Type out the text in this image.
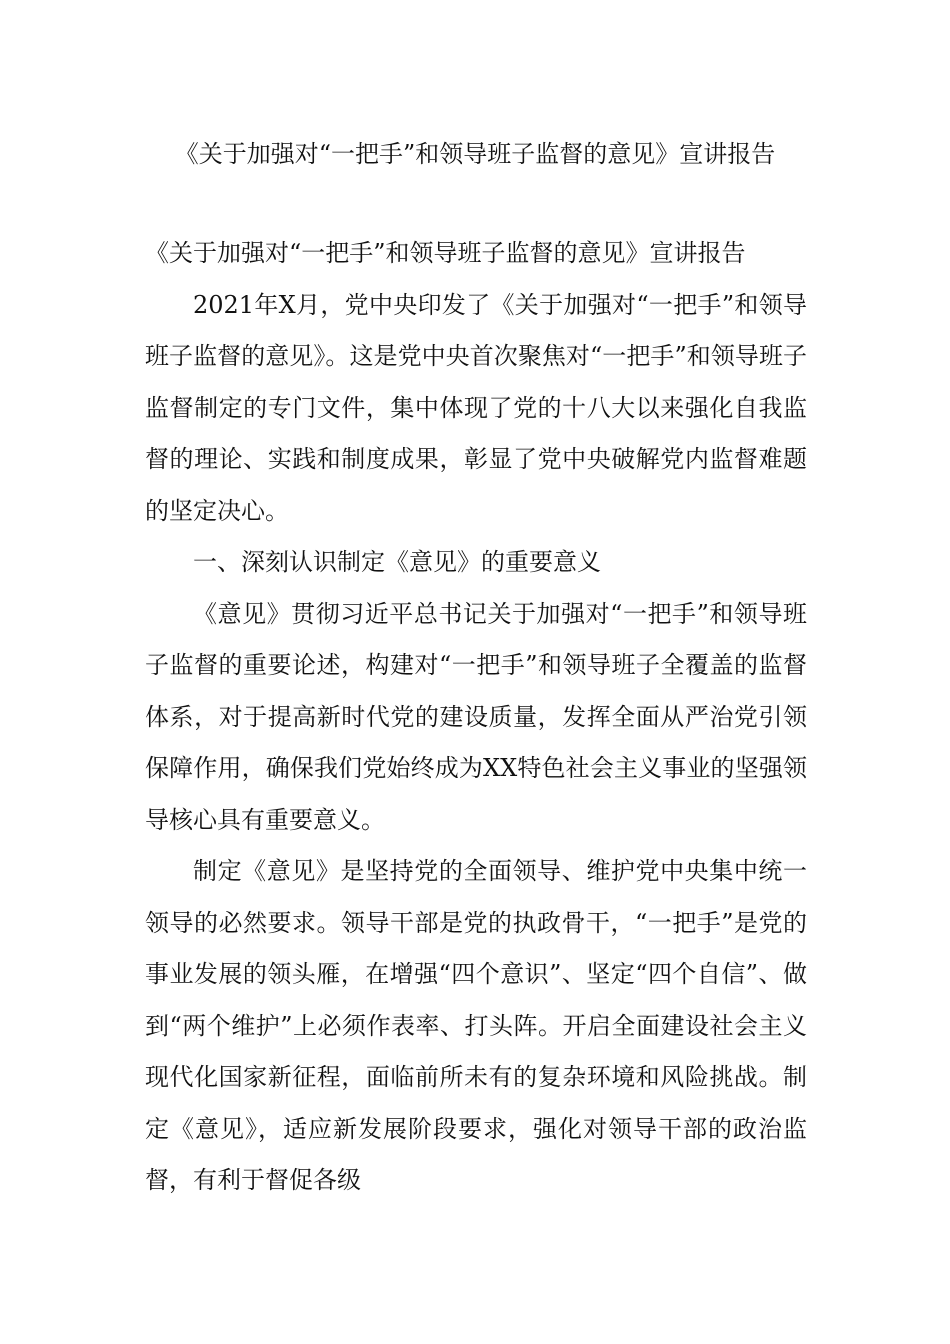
《关于加强对“一把手”和领导班子监督的意见》宣讲报告

《关于加强对“一把手”和领导班子监督的意见》宣讲报告

2021年X月，党中央印发了《关于加强对“一把手”和领导班子监督的意见》。这是党中央首次聚焦对“一把手”和领导班子监督制定的专门文件，集中体现了党的十八大以来强化自我监督的理论、实践和制度成果，彰显了党中央破解党内监督难题的坚定决心。

一、深刻认识制定《意见》的重要意义

《意见》贯彻习近平总书记关于加强对“一把手”和领导班子监督的重要论述，构建对“一把手”和领导班子全覆盖的监督体系，对于提高新时代党的建设质量，发挥全面从严治党引领保障作用，确保我们党始终成为XX特色社会主义事业的坚强领导核心具有重要意义。

制定《意见》是坚持党的全面领导、维护党中央集中统一领导的必然要求。领导干部是党的执政骨干，“一把手”是党的事业发展的领头雁，在增强“四个意识”、坚定“四个自信”、做到“两个维护”上必须作表率、打头阵。开启全面建设社会主义现代化国家新征程，面临前所未有的复杂环境和风险挑战。制定《意见》，适应新发展阶段要求，强化对领导干部的政治监督，有利于督促各级
